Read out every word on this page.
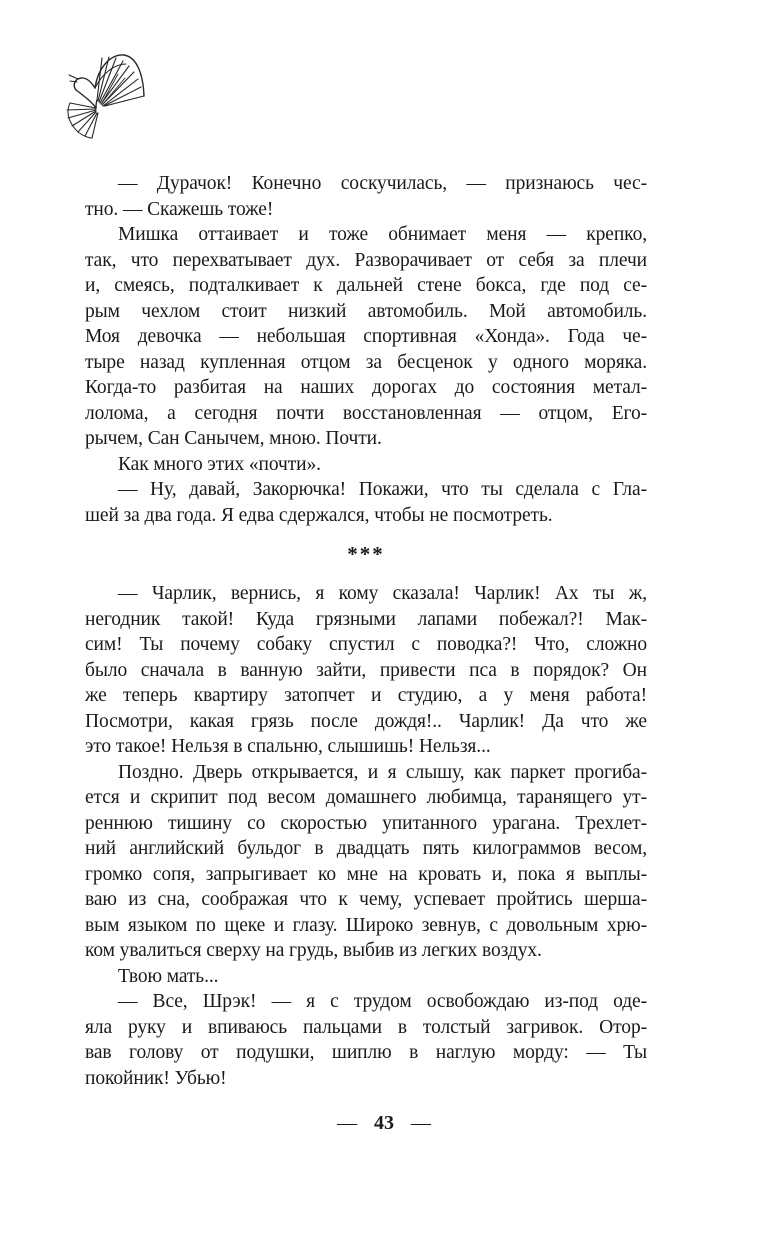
— Дурачок! Конечно соскучилась, — признаюсь чес-
тно. — Скажешь тоже!
Мишка оттаивает и тоже обнимает меня — крепко,
так, что перехватывает дух. Разворачивает от себя за плечи
и, смеясь, подталкивает к дальней стене бокса, где под се-
рым чехлом стоит низкий автомобиль. Мой автомобиль.
Моя девочка — небольшая спортивная «Хонда». Года че-
тыре назад купленная отцом за бесценок у одного моряка.
Когда-то разбитая на наших дорогах до состояния метал-
лолома, а сегодня почти восстановленная — отцом, Его-
рычем, Сан Санычем, мною. Почти.
Как много этих «почти».
— Ну, давай, Закорючка! Покажи, что ты сделала с Гла-
шей за два года. Я едва сдержался, чтобы не посмотреть.
***
— Чарлик, вернись, я кому сказала! Чарлик! Ах ты ж,
негодник такой! Куда грязными лапами побежал?! Мак-
сим! Ты почему собаку спустил с поводка?! Что, сложно
было сначала в ванную зайти, привести пса в порядок? Он
же теперь квартиру затопчет и студию, а у меня работа!
Посмотри, какая грязь после дождя!.. Чарлик! Да что же
это такое! Нельзя в спальню, слышишь! Нельзя...
Поздно. Дверь открывается, и я слышу, как паркет прогиба-
ется и скрипит под весом домашнего любимца, таранящего ут-
реннюю тишину со скоростью упитанного урагана. Трехлет-
ний английский бульдог в двадцать пять килограммов весом,
громко сопя, запрыгивает ко мне на кровать и, пока я выплы-
ваю из сна, соображая что к чему, успевает пройтись шерша-
вым языком по щеке и глазу. Широко зевнув, с довольным хрю-
ком увалиться сверху на грудь, выбив из легких воздух.
Твою мать...
— Все, Шрэк! — я с трудом освобождаю из-под оде-
яла руку и впиваюсь пальцами в толстый загривок. Отор-
вав голову от подушки, шиплю в наглую морду: — Ты
покойник! Убью!
— 43 —
